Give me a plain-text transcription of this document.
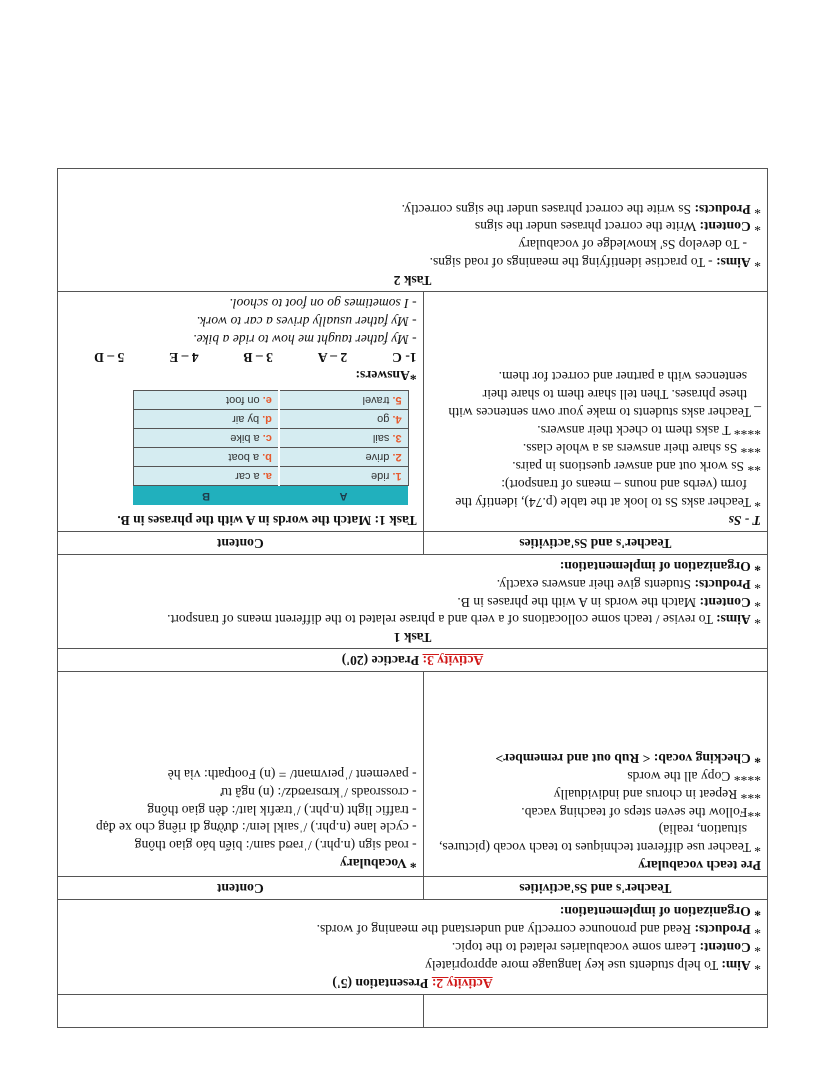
Activity 2: Presentation (5')
* Aim: To help students use key language more appropriately
* Content: Learn some vocabularies related to the topic.
* Products: Read and pronounce correctly and understand the meaning of words.
* Organization of implementation:

Teacher's and Ss'activities	Content

Pre teach vocabulary
* Teacher use different techniques to teach vocab (pictures, situation, realia)
**Follow the seven steps of teaching vacab.
*** Repeat in chorus and individually
**** Copy all the words
* Checking vocab: < Rub out and remember>

* Vocabulary
- road sign (n.phr.) /ˈrəʊd saɪn/: biển báo giao thông
- cycle lane (n.phr.) /ˈsaɪkl leɪn/: đường đi riêng cho xe đạp
- traffic light (n.phr.) /ˈtræfɪk laɪt/: đèn giao thông
- crossroads /ˈkrɒsrəʊdz/: (n) ngã tư
- pavement /ˈpeɪvmənt/ = (n) Footpath: vỉa hè

Activity 3: Practice (20')

Task 1
* Aims: To revise / teach some collocations of a verb and a phrase related to the different means of transport.
* Content: Match the words in A with the phrases in B.
* Products: Students give their answers exactly.
* Organization of implementation:

Teacher's and Ss'activities	Content

T - Ss
* Teacher asks Ss to look at the table (p.74), identify the form (verbs and nouns – means of transport):
** Ss work out and answer questions in pairs.
*** Ss share their answers as a whole class.
**** T asks them to check their answers.
_ Teacher asks students to make your own sentences with these phrases. Then tell share them to share their sentences with a partner and correct for them.

Task 1: Match the words in A with the phrases in B.
A	B
1. ride	a. a car
2. drive	b. a boat
3. sail	c. a bike
4. go	d. by air
5. travel	e. on foot
*Answers:
1- C
2 – A
3 – B
4 – E
5 – D
- My father taught me how to ride a bike.
- My father usually drives a car to work.
- I sometimes go on foot to school.

Task 2
* Aims: - To practise identifying the meanings of road signs.
- To develop Ss' knowledge of vocabulary
* Content: Write the correct phrases under the signs
* Products: Ss write the correct phrases under the signs correctly.
